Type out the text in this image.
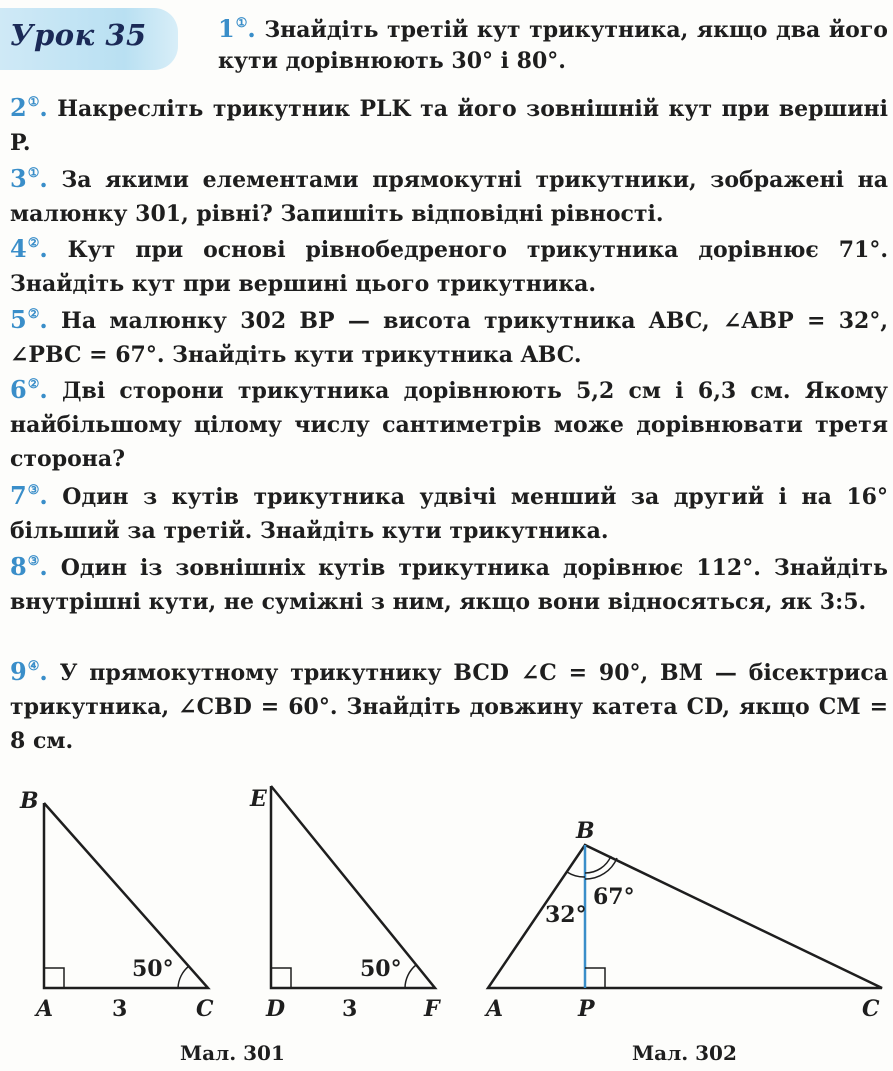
Урок 35	1①. Знайдіть третій кут трикутника, якщо два його кути дорівнюють 30° і 80°.
2①. Накресліть трикутник PLK та його зовнішній кут при вершині P.
3①. За якими елементами прямокутні трикутники, зображені на малюнку 301, рівні? Запишіть відповідні рівності.
4②. Кут при основі рівнобедреного трикутника дорівнює 71°. Знайдіть кут при вершині цього трикутника.
5②. На малюнку 302 BP — висота трикутника ABC, ∠ABP = 32°, ∠PBC = 67°. Знайдіть кути трикутника ABC.
6②. Дві сторони трикутника дорівнюють 5,2 см і 6,3 см. Якому найбільшому цілому числу сантиметрів може дорівнювати третя сторона?
7③. Один з кутів трикутника удвічі менший за другий і на 16° більший за третій. Знайдіть кути трикутника.
8③. Один із зовнішніх кутів трикутника дорівнює 112°. Знайдіть внутрішні кути, не суміжні з ним, якщо вони відносяться, як 3:5.
9④. У прямокутному трикутнику BCD ∠C = 90°, BM — бісектриса трикутника, ∠CBD = 60°. Знайдіть довжину катета CD, якщо CM = 8 см.
B
A	C
3
50°
E
D	F
3
50°
Мал. 301
B
A	C
P
32°
67°
Мал. 302
